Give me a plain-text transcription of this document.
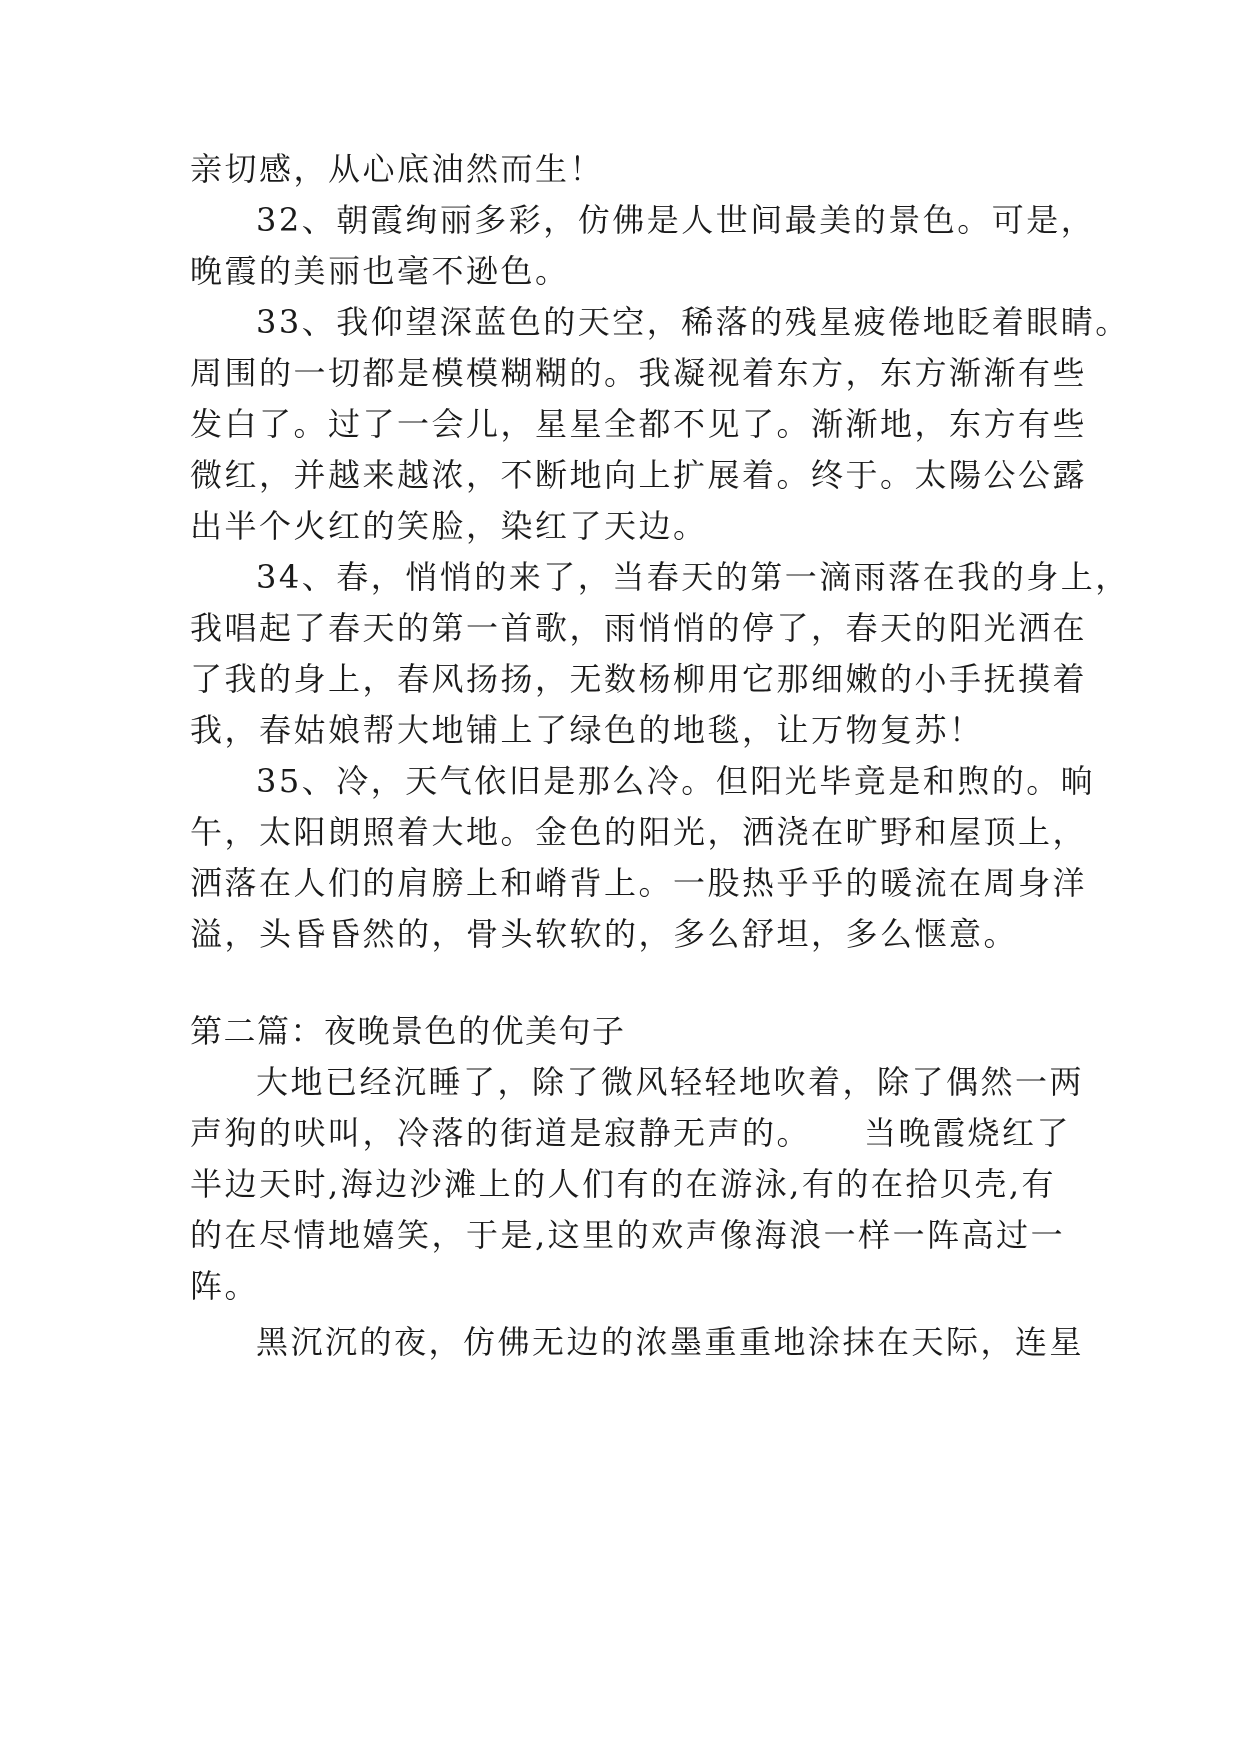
亲切感，从心底油然而生！
32、朝霞绚丽多彩，仿佛是人世间最美的景色。可是，
晚霞的美丽也毫不逊色。
33、我仰望深蓝色的天空，稀落的残星疲倦地眨着眼睛。
周围的一切都是模模糊糊的。我凝视着东方，东方渐渐有些
发白了。过了一会儿，星星全都不见了。渐渐地，东方有些
微红，并越来越浓，不断地向上扩展着。终于。太陽公公露
出半个火红的笑脸，染红了天边。
34、春，悄悄的来了，当春天的第一滴雨落在我的身上，
我唱起了春天的第一首歌，雨悄悄的停了，春天的阳光洒在
了我的身上，春风扬扬，无数杨柳用它那细嫩的小手抚摸着
我，春姑娘帮大地铺上了绿色的地毯，让万物复苏！
35、冷，天气依旧是那么冷。但阳光毕竟是和煦的。晌
午，太阳朗照着大地。金色的阳光，洒浇在旷野和屋顶上，
洒落在人们的肩膀上和嵴背上。一股热乎乎的暖流在周身洋
溢，头昏昏然的，骨头软软的，多么舒坦，多么惬意。
第二篇：夜晚景色的优美句子
大地已经沉睡了，除了微风轻轻地吹着，除了偶然一两
声狗的吠叫，冷落的街道是寂静无声的。　　当晚霞烧红了
半边天时,海边沙滩上的人们有的在游泳,有的在拾贝壳,有
的在尽情地嬉笑，于是,这里的欢声像海浪一样一阵高过一
阵。
黑沉沉的夜，仿佛无边的浓墨重重地涂抹在天际，连星
